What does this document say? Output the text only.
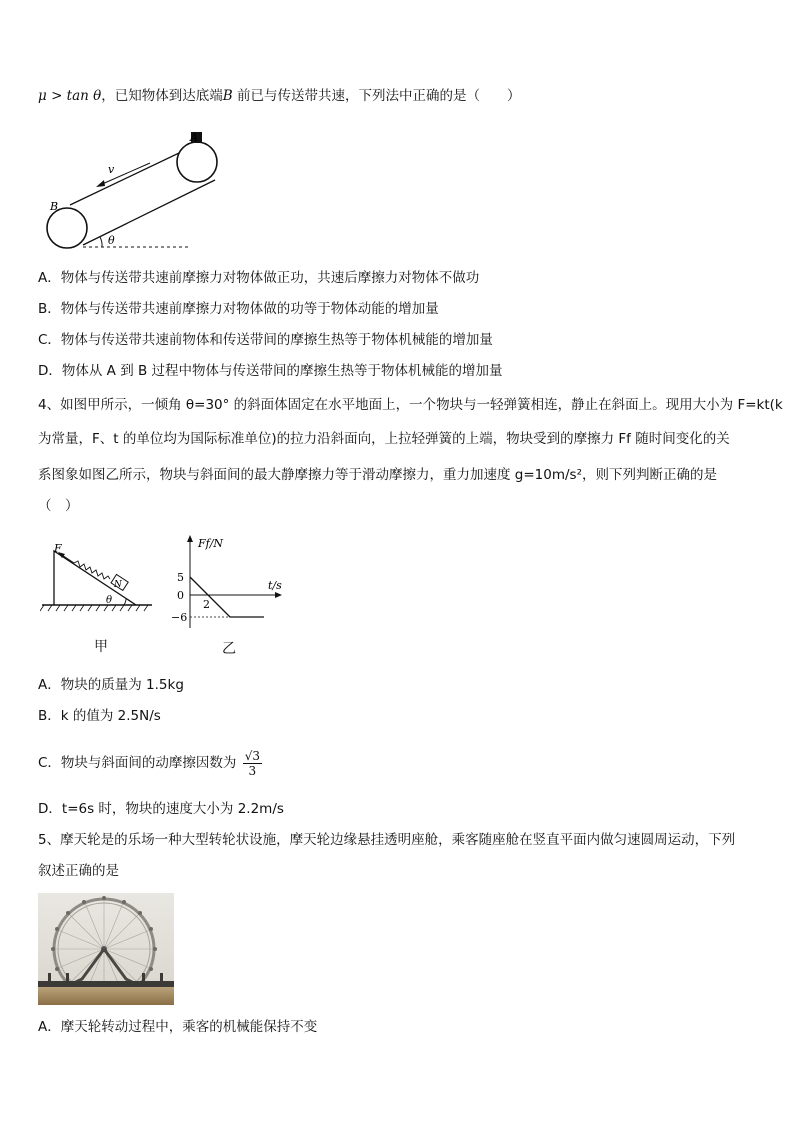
μ > tan θ，已知物体到达底端B 前已与传送带共速，下列法中正确的是（　　）
A
B
v
θ
A．物体与传送带共速前摩擦力对物体做正功，共速后摩擦力对物体不做功
B．物体与传送带共速前摩擦力对物体做的功等于物体动能的增加量
C．物体与传送带共速前物体和传送带间的摩擦生热等于物体机械能的增加量
D．物体从 A 到 B 过程中物体与传送带间的摩擦生热等于物体机械能的增加量
4、如图甲所示，一倾角 θ=30° 的斜面体固定在水平地面上，一个物块与一轻弹簧相连，静止在斜面上。现用大小为 F=kt(k
为常量，F、t 的单位均为国际标准单位)的拉力沿斜面向，上拉轻弹簧的上端，物块受到的摩擦力 Ff 随时间变化的关
系图象如图乙所示，物块与斜面间的最大静摩擦力等于滑动摩擦力，重力加速度 g=10m/s²，则下列判断正确的是
（　）
N
F
θ
甲
Ff/N
t/s
5
0
−6
2
乙
A．物块的质量为 1.5kg
B．k 的值为 2.5N/s
C．物块与斜面间的动摩擦因数为 $\frac{√3}{3}$
D．t=6s 时，物块的速度大小为 2.2m/s
5、摩天轮是的乐场一种大型转轮状设施，摩天轮边缘悬挂透明座舱，乘客随座舱在竖直平面内做匀速圆周运动，下列
叙述正确的是
A．摩天轮转动过程中，乘客的机械能保持不变
